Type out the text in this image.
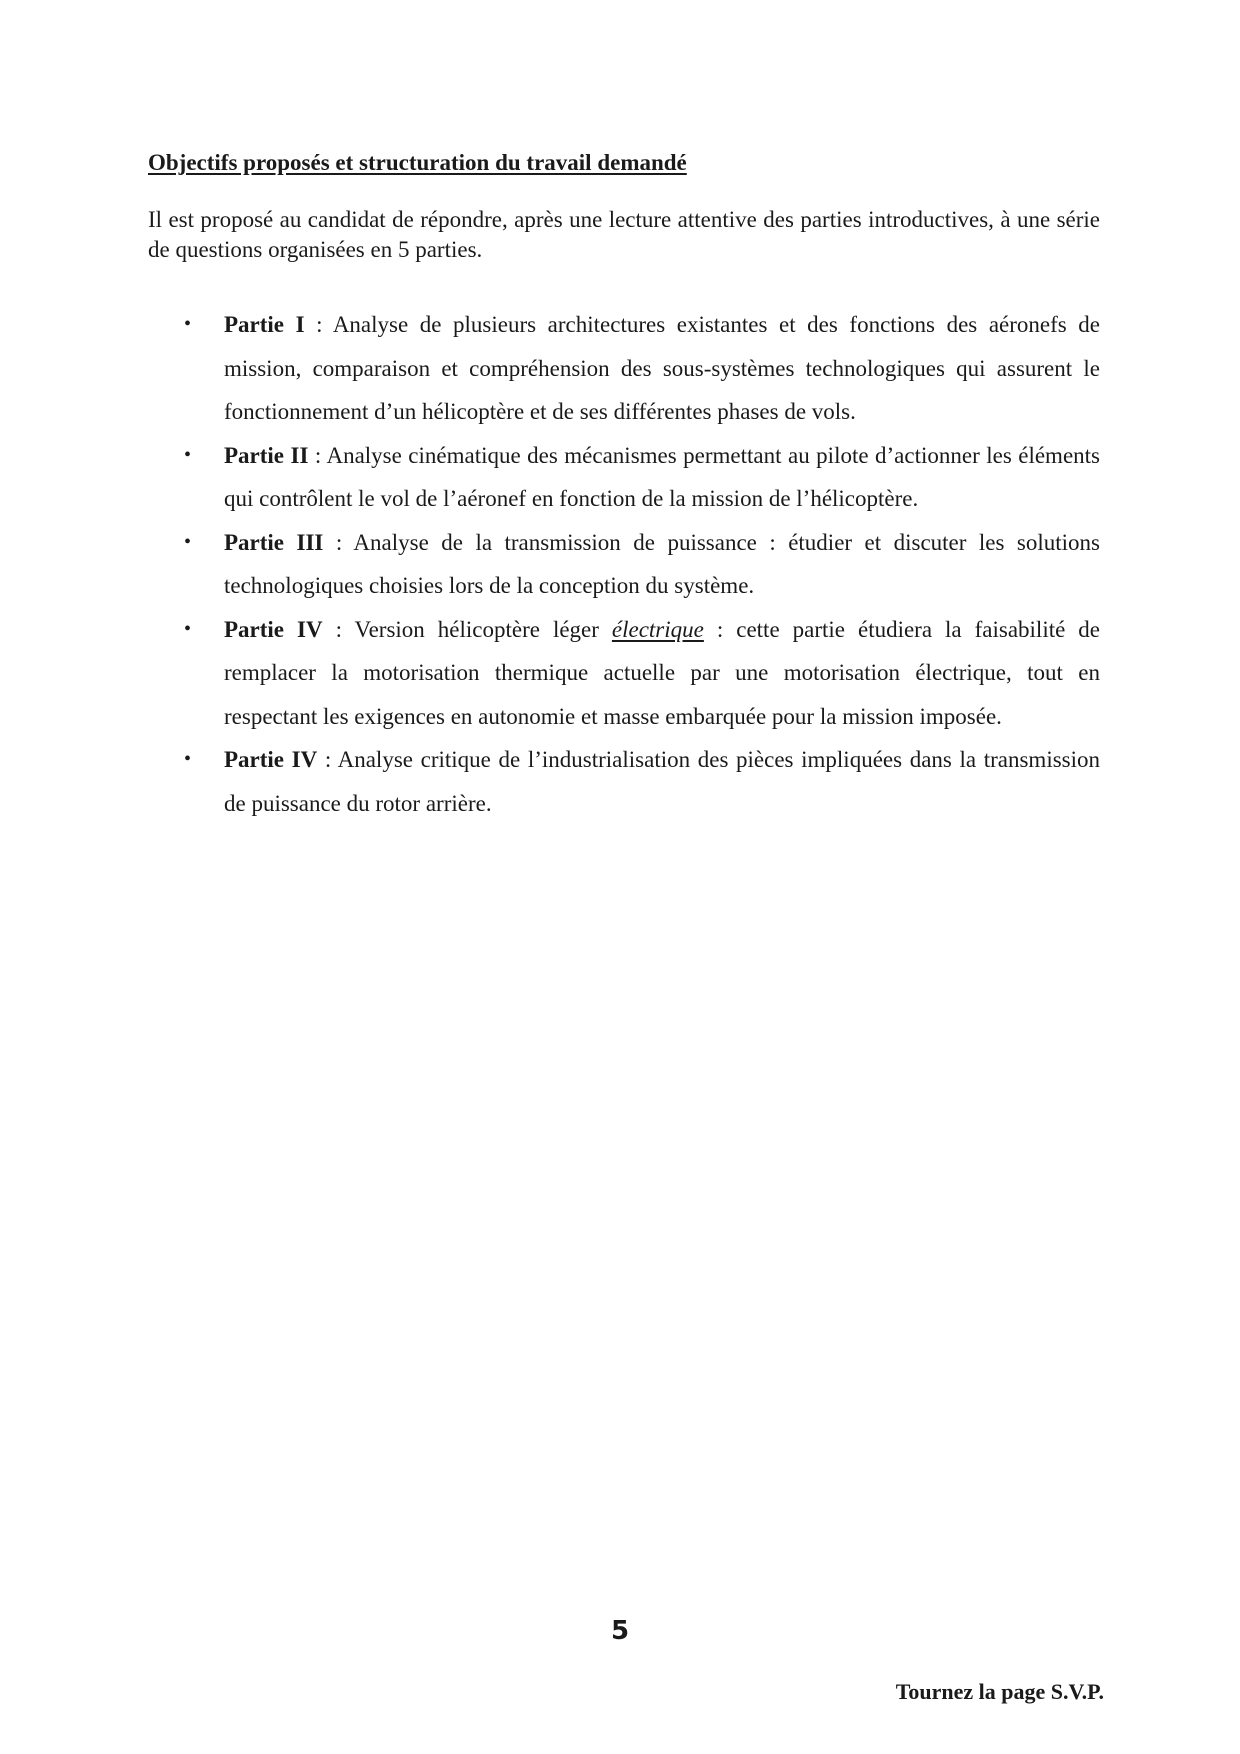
Objectifs proposés et structuration du travail demandé

Il est proposé au candidat de répondre, après une lecture attentive des parties introductives, à une série de questions organisées en 5 parties.

• Partie I : Analyse de plusieurs architectures existantes et des fonctions des aéronefs de mission, comparaison et compréhension des sous-systèmes technologiques qui assurent le fonctionnement d’un hélicoptère et de ses différentes phases de vols.
• Partie II : Analyse cinématique des mécanismes permettant au pilote d’actionner les éléments qui contrôlent le vol de l’aéronef en fonction de la mission de l’hélicoptère.
• Partie III : Analyse de la transmission de puissance : étudier et discuter les solutions technologiques choisies lors de la conception du système.
• Partie IV : Version hélicoptère léger électrique : cette partie étudiera la faisabilité de remplacer la motorisation thermique actuelle par une motorisation électrique, tout en respectant les exigences en autonomie et masse embarquée pour la mission imposée.
• Partie IV : Analyse critique de l’industrialisation des pièces impliquées dans la transmission de puissance du rotor arrière.

5

Tournez la page S.V.P.
